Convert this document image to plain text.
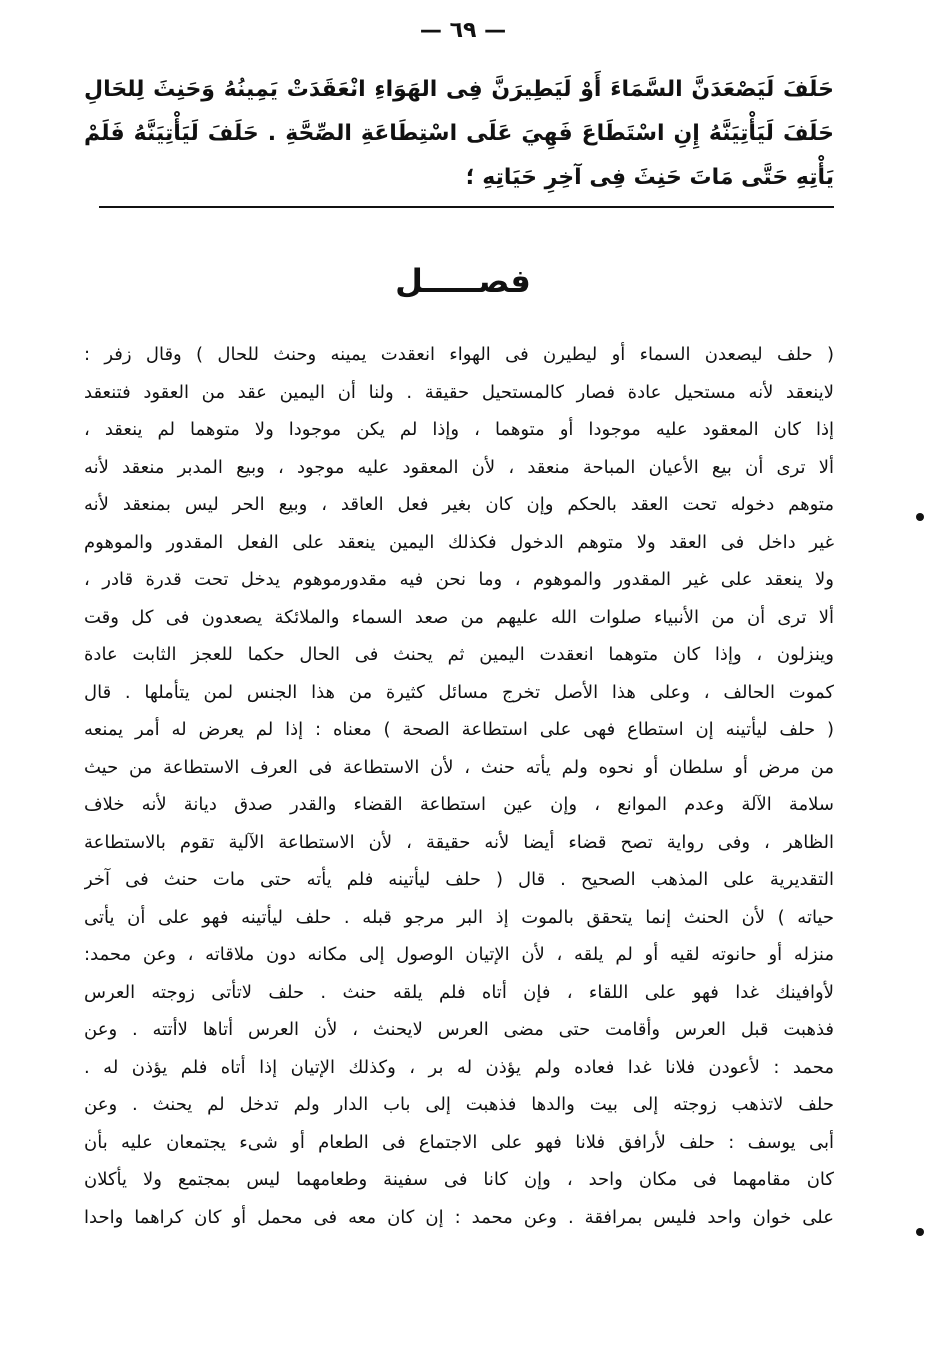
— ٦٩ —
حَلَفَ لَيَصْعَدَنَّ السَّمَاءَ أَوْ لَيَطِيرَنَّ فِى الهَوَاءِ انْعَقَدَتْ يَمِينُهُ وَحَنِثَ لِلحَالِ
حَلَفَ لَيَأْتِيَنَّهُ إِنِ اسْتَطَاعَ فَهِيَ عَلَى اسْتِطَاعَةِ الصِّحَّةِ . حَلَفَ لَيَأْتِيَنَّهُ فَلَمْ
يَأْتِهِ حَتَّى مَاتَ حَنِثَ فِى آخِرِ حَيَاتِهِ ؛
فصـــــل
( حلف ليصعدن السماء أو ليطيرن فى الهواء انعقدت يمينه وحنث للحال ) وقال زفر :
لاينعقد لأنه مستحيل عادة فصار كالمستحيل حقيقة . ولنا أن اليمين عقد من العقود فتنعقد
إذا كان المعقود عليه موجودا أو متوهما ، وإذا لم يكن موجودا ولا متوهما لم ينعقد ،
ألا ترى أن بيع الأعيان المباحة منعقد ، لأن المعقود عليه موجود ، وبيع المدبر منعقد لأنه
متوهم دخوله تحت العقد بالحكم وإن كان بغير فعل العاقد ، وبيع الحر ليس بمنعقد لأنه
غير داخل فى العقد ولا متوهم الدخول فكذلك اليمين ينعقد على الفعل المقدور والموهوم
ولا ينعقد على غير المقدور والموهوم ، وما نحن فيه مقدورموهوم يدخل تحت قدرة قادر ،
ألا ترى أن من الأنبياء صلوات الله عليهم من صعد السماء والملائكة يصعدون فى كل وقت
وينزلون ، وإذا كان متوهما انعقدت اليمين ثم يحنث فى الحال حكما للعجز الثابت عادة
كموت الحالف ، وعلى هذا الأصل تخرج مسائل كثيرة من هذا الجنس لمن يتأملها . قال
( حلف ليأتينه إن استطاع فهى على استطاعة الصحة ) معناه : إذا لم يعرض له أمر يمنعه
من مرض أو سلطان أو نحوه ولم يأته حنث ، لأن الاستطاعة فى العرف الاستطاعة من حيث
سلامة الآلة وعدم الموانع ، وإن عين استطاعة القضاء والقدر صدق ديانة لأنه خلاف
الظاهر ، وفى رواية تصح قضاء أيضا لأنه حقيقة ، لأن الاستطاعة الآلية تقوم بالاستطاعة
التقديرية على المذهب الصحيح . قال ( حلف ليأتينه فلم يأته حتى مات حنث فى آخر
حياته ) لأن الحنث إنما يتحقق بالموت إذ البر مرجو قبله . حلف ليأتينه فهو على أن يأتى
منزله أو حانوته لقيه أو لم يلقه ، لأن الإتيان الوصول إلى مكانه دون ملاقاته ، وعن محمد:
لأوافينك غدا فهو على اللقاء ، فإن أتاه فلم يلقه حنث . حلف لاتأتى زوجته العرس
فذهبت قبل العرس وأقامت حتى مضى العرس لايحنث ، لأن العرس أتاها لاأتته . وعن
محمد : لأعودن فلانا غدا فعاده ولم يؤذن له بر ، وكذلك الإتيان إذا أتاه فلم يؤذن له .
حلف لاتذهب زوجته إلى بيت والدها فذهبت إلى باب الدار ولم تدخل لم يحنث . وعن
أبى يوسف : حلف لأرافق فلانا فهو على الاجتماع فى الطعام أو شىء يجتمعان عليه بأن
كان مقامهما فى مكان واحد ، وإن كانا فى سفينة وطعامهما ليس بمجتمع ولا يأكلان
على خوان واحد فليس بمرافقة . وعن محمد : إن كان معه فى محمل أو كان كراهما واحدا
